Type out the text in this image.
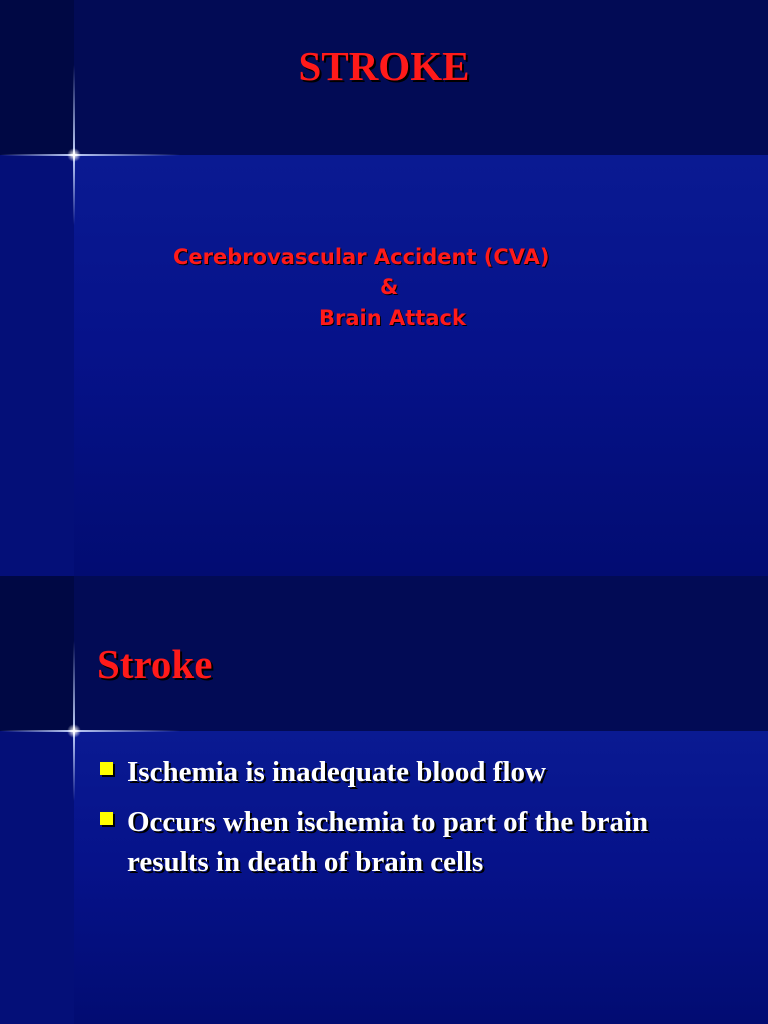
STROKE
Cerebrovascular Accident (CVA)
&
Brain Attack
Stroke
Ischemia is inadequate blood flow
Occurs when ischemia to part of the brain results in death of brain cells
